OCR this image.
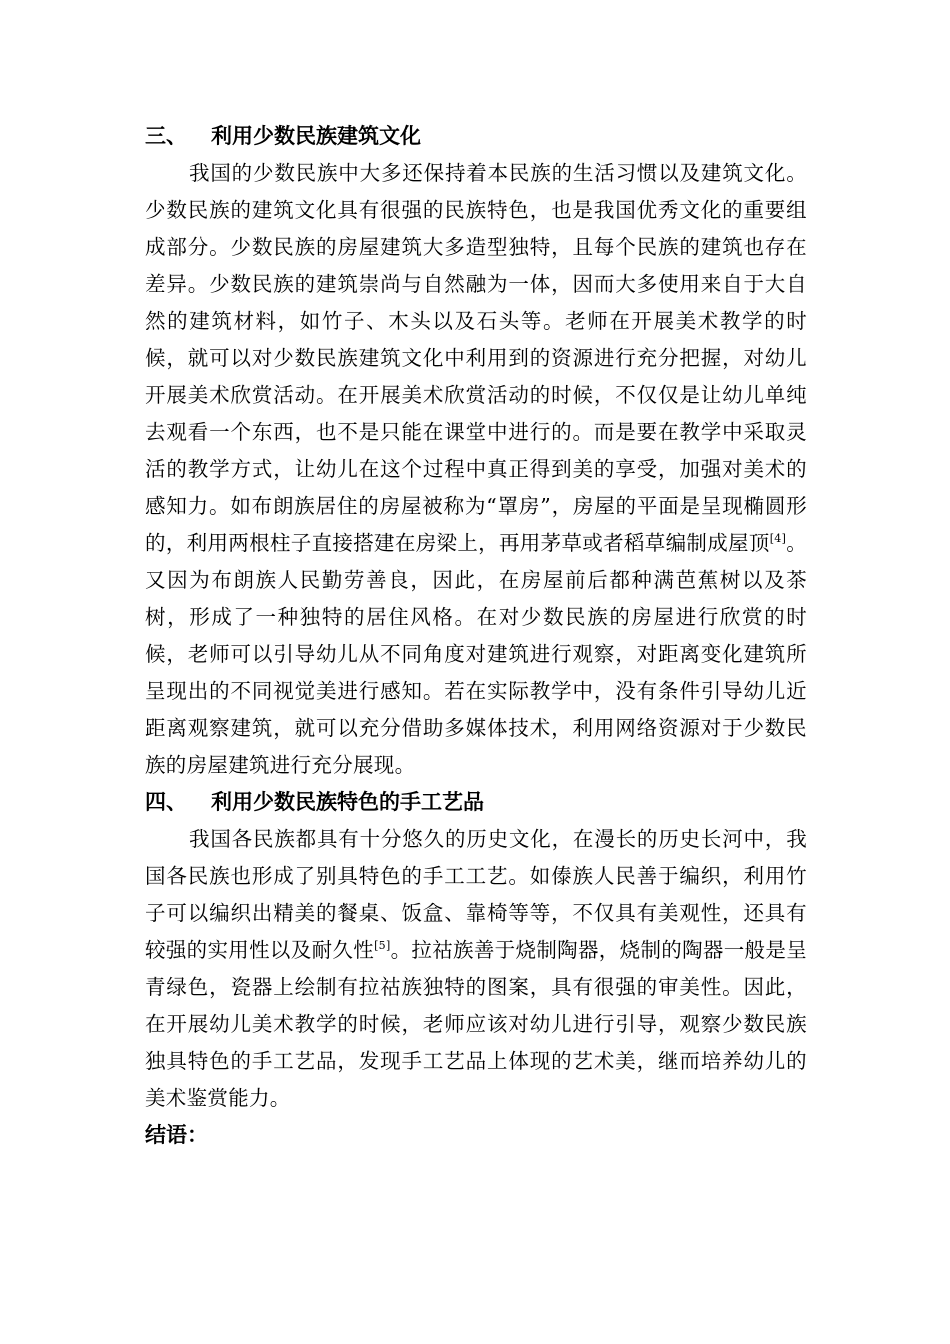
三、 利用少数民族建筑文化

我国的少数民族中大多还保持着本民族的生活习惯以及建筑文化。少数民族的建筑文化具有很强的民族特色，也是我国优秀文化的重要组成部分。少数民族的房屋建筑大多造型独特，且每个民族的建筑也存在差异。少数民族的建筑崇尚与自然融为一体，因而大多使用来自于大自然的建筑材料，如竹子、木头以及石头等。老师在开展美术教学的时候，就可以对少数民族建筑文化中利用到的资源进行充分把握，对幼儿开展美术欣赏活动。在开展美术欣赏活动的时候，不仅仅是让幼儿单纯去观看一个东西，也不是只能在课堂中进行的。而是要在教学中采取灵活的教学方式，让幼儿在这个过程中真正得到美的享受，加强对美术的感知力。如布朗族居住的房屋被称为“罩房”，房屋的平面是呈现椭圆形的，利用两根柱子直接搭建在房梁上，再用茅草或者稻草编制成屋顶[4]。又因为布朗族人民勤劳善良，因此，在房屋前后都种满芭蕉树以及茶树，形成了一种独特的居住风格。在对少数民族的房屋进行欣赏的时候，老师可以引导幼儿从不同角度对建筑进行观察，对距离变化建筑所呈现出的不同视觉美进行感知。若在实际教学中，没有条件引导幼儿近距离观察建筑，就可以充分借助多媒体技术，利用网络资源对于少数民族的房屋建筑进行充分展现。

四、 利用少数民族特色的手工艺品

我国各民族都具有十分悠久的历史文化，在漫长的历史长河中，我国各民族也形成了别具特色的手工工艺。如傣族人民善于编织，利用竹子可以编织出精美的餐桌、饭盒、靠椅等等，不仅具有美观性，还具有较强的实用性以及耐久性[5]。拉祜族善于烧制陶器，烧制的陶器一般是呈青绿色，瓷器上绘制有拉祜族独特的图案，具有很强的审美性。因此，在开展幼儿美术教学的时候，老师应该对幼儿进行引导，观察少数民族独具特色的手工艺品，发现手工艺品上体现的艺术美，继而培养幼儿的美术鉴赏能力。

结语：
